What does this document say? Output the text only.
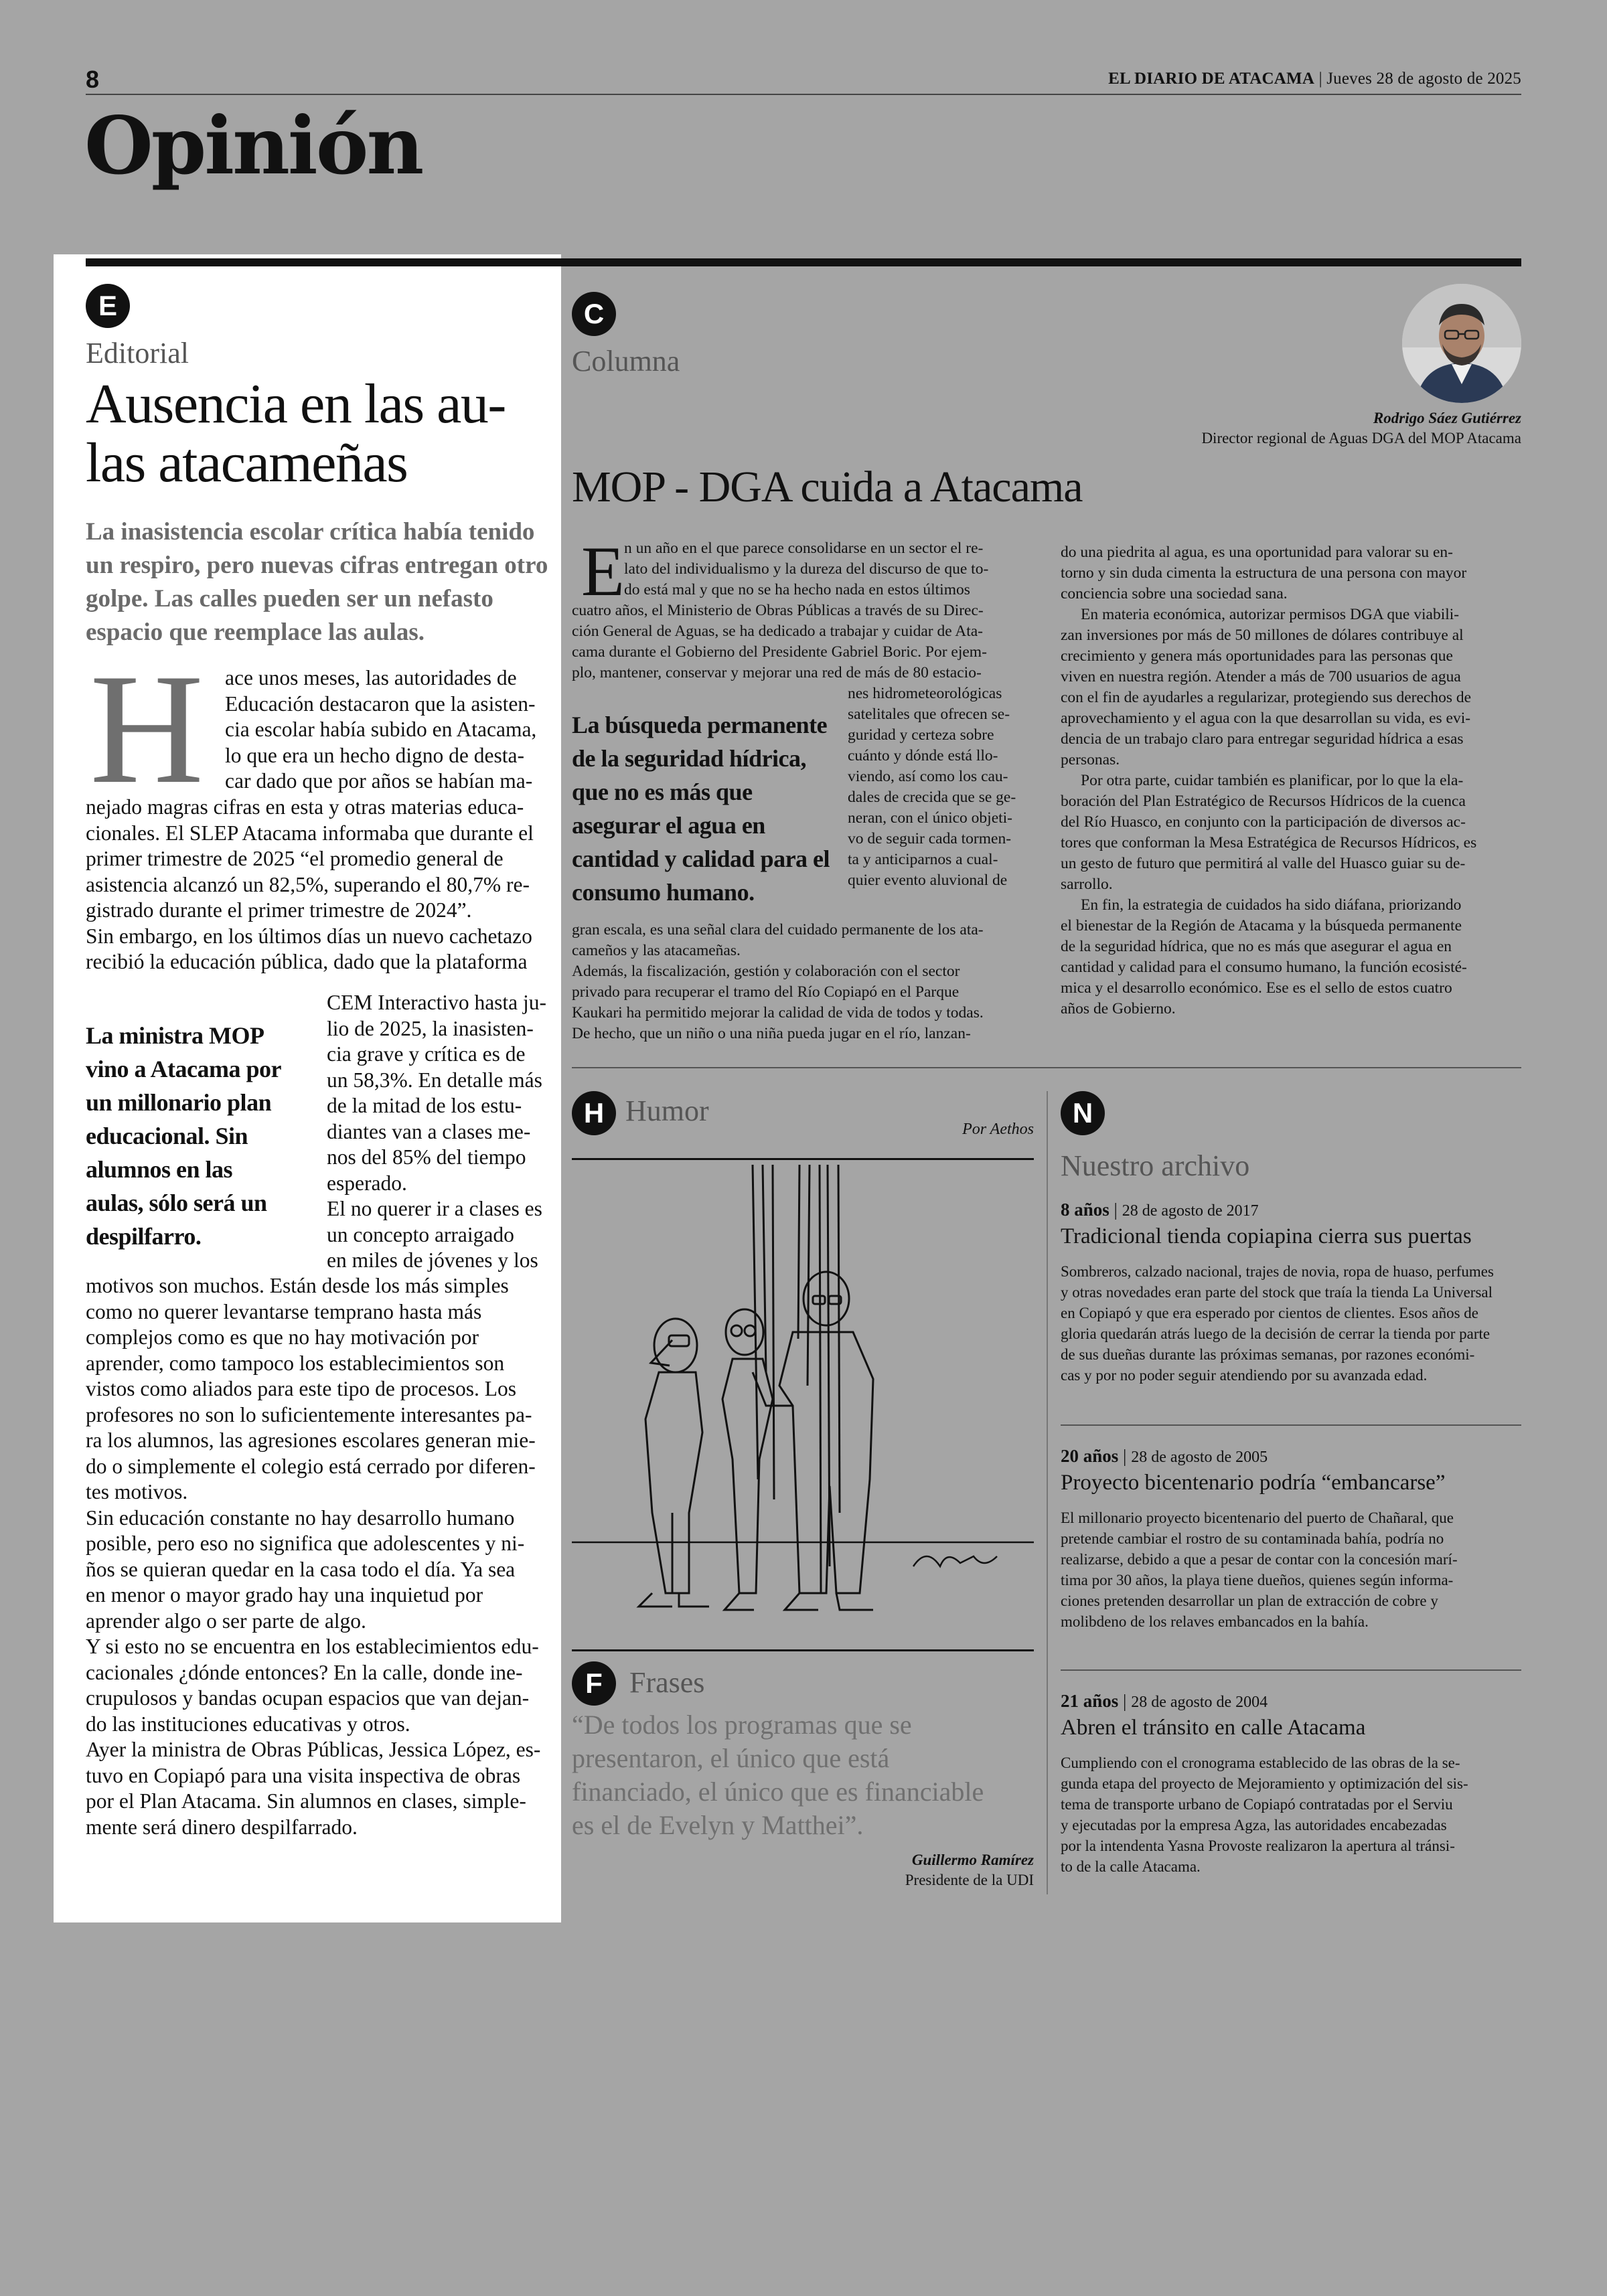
8	EL DIARIO DE ATACAMA | Jueves 28 de agosto de 2025
Opinión
E
Editorial
Ausencia en las au-
las atacameñas
La inasistencia escolar crítica había tenido un respiro, pero nuevas cifras entregan otro golpe. Las calles pueden ser un nefasto espacio que reemplace las aulas.
H ace unos meses, las autoridades de
Educación destacaron que la asisten-
cia escolar había subido en Atacama,
lo que era un hecho digno de desta-
car dado que por años se habían ma-
nejado magras cifras en esta y otras materias educa-
cionales. El SLEP Atacama informaba que durante el
primer trimestre de 2025 “el promedio general de
asistencia alcanzó un 82,5%, superando el 80,7% re-
gistrado durante el primer trimestre de 2024”.
Sin embargo, en los últimos días un nuevo cachetazo
recibió la educación pública, dado que la plataforma
La ministra MOP
vino a Atacama por
un millonario plan
educacional. Sin
alumnos en las
aulas, sólo será un
despilfarro.
CEM Interactivo hasta ju-
lio de 2025, la inasisten-
cia grave y crítica es de
un 58,3%. En detalle más
de la mitad de los estu-
diantes van a clases me-
nos del 85% del tiempo
esperado.
El no querer ir a clases es
un concepto arraigado
en miles de jóvenes y los
motivos son muchos. Están desde los más simples
como no querer levantarse temprano hasta más
complejos como es que no hay motivación por
aprender, como tampoco los establecimientos son
vistos como aliados para este tipo de procesos. Los
profesores no son lo suficientemente interesantes pa-
ra los alumnos, las agresiones escolares generan mie-
do o simplemente el colegio está cerrado por diferen-
tes motivos.
Sin educación constante no hay desarrollo humano
posible, pero eso no significa que adolescentes y ni-
ños se quieran quedar en la casa todo el día. Ya sea
en menor o mayor grado hay una inquietud por
aprender algo o ser parte de algo.
Y si esto no se encuentra en los establecimientos edu-
cacionales ¿dónde entonces? En la calle, donde ine-
crupulosos y bandas ocupan espacios que van dejan-
do las instituciones educativas y otros.
Ayer la ministra de Obras Públicas, Jessica López, es-
tuvo en Copiapó para una visita inspectiva de obras
por el Plan Atacama. Sin alumnos en clases, simple-
mente será dinero despilfarrado.
C
Columna
Rodrigo Sáez Gutiérrez
Director regional de Aguas DGA del MOP Atacama
MOP - DGA cuida a Atacama
E n un año en el que parece consolidarse en un sector el re-
lato del individualismo y la dureza del discurso de que to-
do está mal y que no se ha hecho nada en estos últimos
cuatro años, el Ministerio de Obras Públicas a través de su Direc-
ción General de Aguas, se ha dedicado a trabajar y cuidar de Ata-
cama durante el Gobierno del Presidente Gabriel Boric. Por ejem-
plo, mantener, conservar y mejorar una red de más de 80 estacio-
La búsqueda permanente
de la seguridad hídrica,
que no es más que
asegurar el agua en
cantidad y calidad para el
consumo humano.
nes hidrometeorológicas
satelitales que ofrecen se-
guridad y certeza sobre
cuánto y dónde está llo-
viendo, así como los cau-
dales de crecida que se ge-
neran, con el único objeti-
vo de seguir cada tormen-
ta y anticiparnos a cual-
quier evento aluvional de
gran escala, es una señal clara del cuidado permanente de los ata-
cameños y las atacameñas.
Además, la fiscalización, gestión y colaboración con el sector
privado para recuperar el tramo del Río Copiapó en el Parque
Kaukari ha permitido mejorar la calidad de vida de todos y todas.
De hecho, que un niño o una niña pueda jugar en el río, lanzan-
do una piedrita al agua, es una oportunidad para valorar su en-
torno y sin duda cimenta la estructura de una persona con mayor
conciencia sobre una sociedad sana.
En materia económica, autorizar permisos DGA que viabili-
zan inversiones por más de 50 millones de dólares contribuye al
crecimiento y genera más oportunidades para las personas que
viven en nuestra región. Atender a más de 700 usuarios de agua
con el fin de ayudarles a regularizar, protegiendo sus derechos de
aprovechamiento y el agua con la que desarrollan su vida, es evi-
dencia de un trabajo claro para entregar seguridad hídrica a esas
personas.
Por otra parte, cuidar también es planificar, por lo que la ela-
boración del Plan Estratégico de Recursos Hídricos de la cuenca
del Río Huasco, en conjunto con la participación de diversos ac-
tores que conforman la Mesa Estratégica de Recursos Hídricos, es
un gesto de futuro que permitirá al valle del Huasco guiar su de-
sarrollo.
En fin, la estrategia de cuidados ha sido diáfana, priorizando
el bienestar de la Región de Atacama y la búsqueda permanente
de la seguridad hídrica, que no es más que asegurar el agua en
cantidad y calidad para el consumo humano, la función ecosisté-
mica y el desarrollo económico. Ese es el sello de estos cuatro
años de Gobierno.
H Humor
Por Aethos
F Frases
“De todos los programas que se
presentaron, el único que está
financiado, el único que es financiable
es el de Evelyn y Matthei”.
Guillermo Ramírez
Presidente de la UDI
N
Nuestro archivo
8 años | 28 de agosto de 2017
Tradicional tienda copiapina cierra sus puertas
Sombreros, calzado nacional, trajes de novia, ropa de huaso, perfumes
y otras novedades eran parte del stock que traía la tienda La Universal
en Copiapó y que era esperado por cientos de clientes. Esos años de
gloria quedarán atrás luego de la decisión de cerrar la tienda por parte
de sus dueñas durante las próximas semanas, por razones económi-
cas y por no poder seguir atendiendo por su avanzada edad.
20 años | 28 de agosto de 2005
Proyecto bicentenario podría “embancarse”
El millonario proyecto bicentenario del puerto de Chañaral, que
pretende cambiar el rostro de su contaminada bahía, podría no
realizarse, debido a que a pesar de contar con la concesión marí-
tima por 30 años, la playa tiene dueños, quienes según informa-
ciones pretenden desarrollar un plan de extracción de cobre y
molibdeno de los relaves embancados en la bahía.
21 años | 28 de agosto de 2004
Abren el tránsito en calle Atacama
Cumpliendo con el cronograma establecido de las obras de la se-
gunda etapa del proyecto de Mejoramiento y optimización del sis-
tema de transporte urbano de Copiapó contratadas por el Serviu
y ejecutadas por la empresa Agza, las autoridades encabezadas
por la intendenta Yasna Provoste realizaron la apertura al tránsi-
to de la calle Atacama.
